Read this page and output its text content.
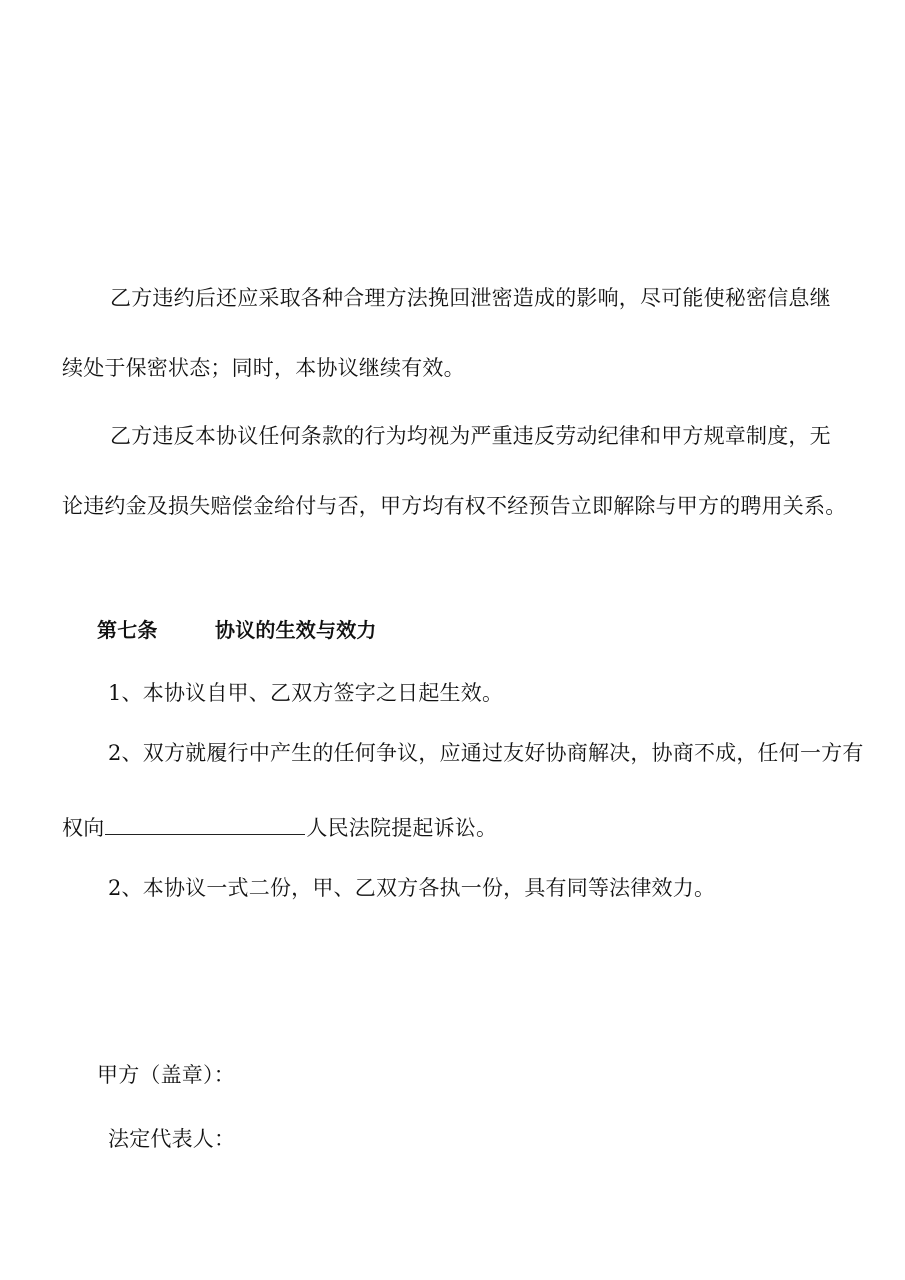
乙方违约后还应采取各种合理方法挽回泄密造成的影响，尽可能使秘密信息继
续处于保密状态；同时，本协议继续有效。
乙方违反本协议任何条款的行为均视为严重违反劳动纪律和甲方规章制度，无
论违约金及损失赔偿金给付与否，甲方均有权不经预告立即解除与甲方的聘用关系。
第七条	协议的生效与效力
1、本协议自甲、乙双方签字之日起生效。
2、双方就履行中产生的任何争议，应通过友好协商解决，协商不成，任何一方有
权向	人民法院提起诉讼。
2、本协议一式二份，甲、乙双方各执一份，具有同等法律效力。
甲方（盖章）：
法定代表人：
